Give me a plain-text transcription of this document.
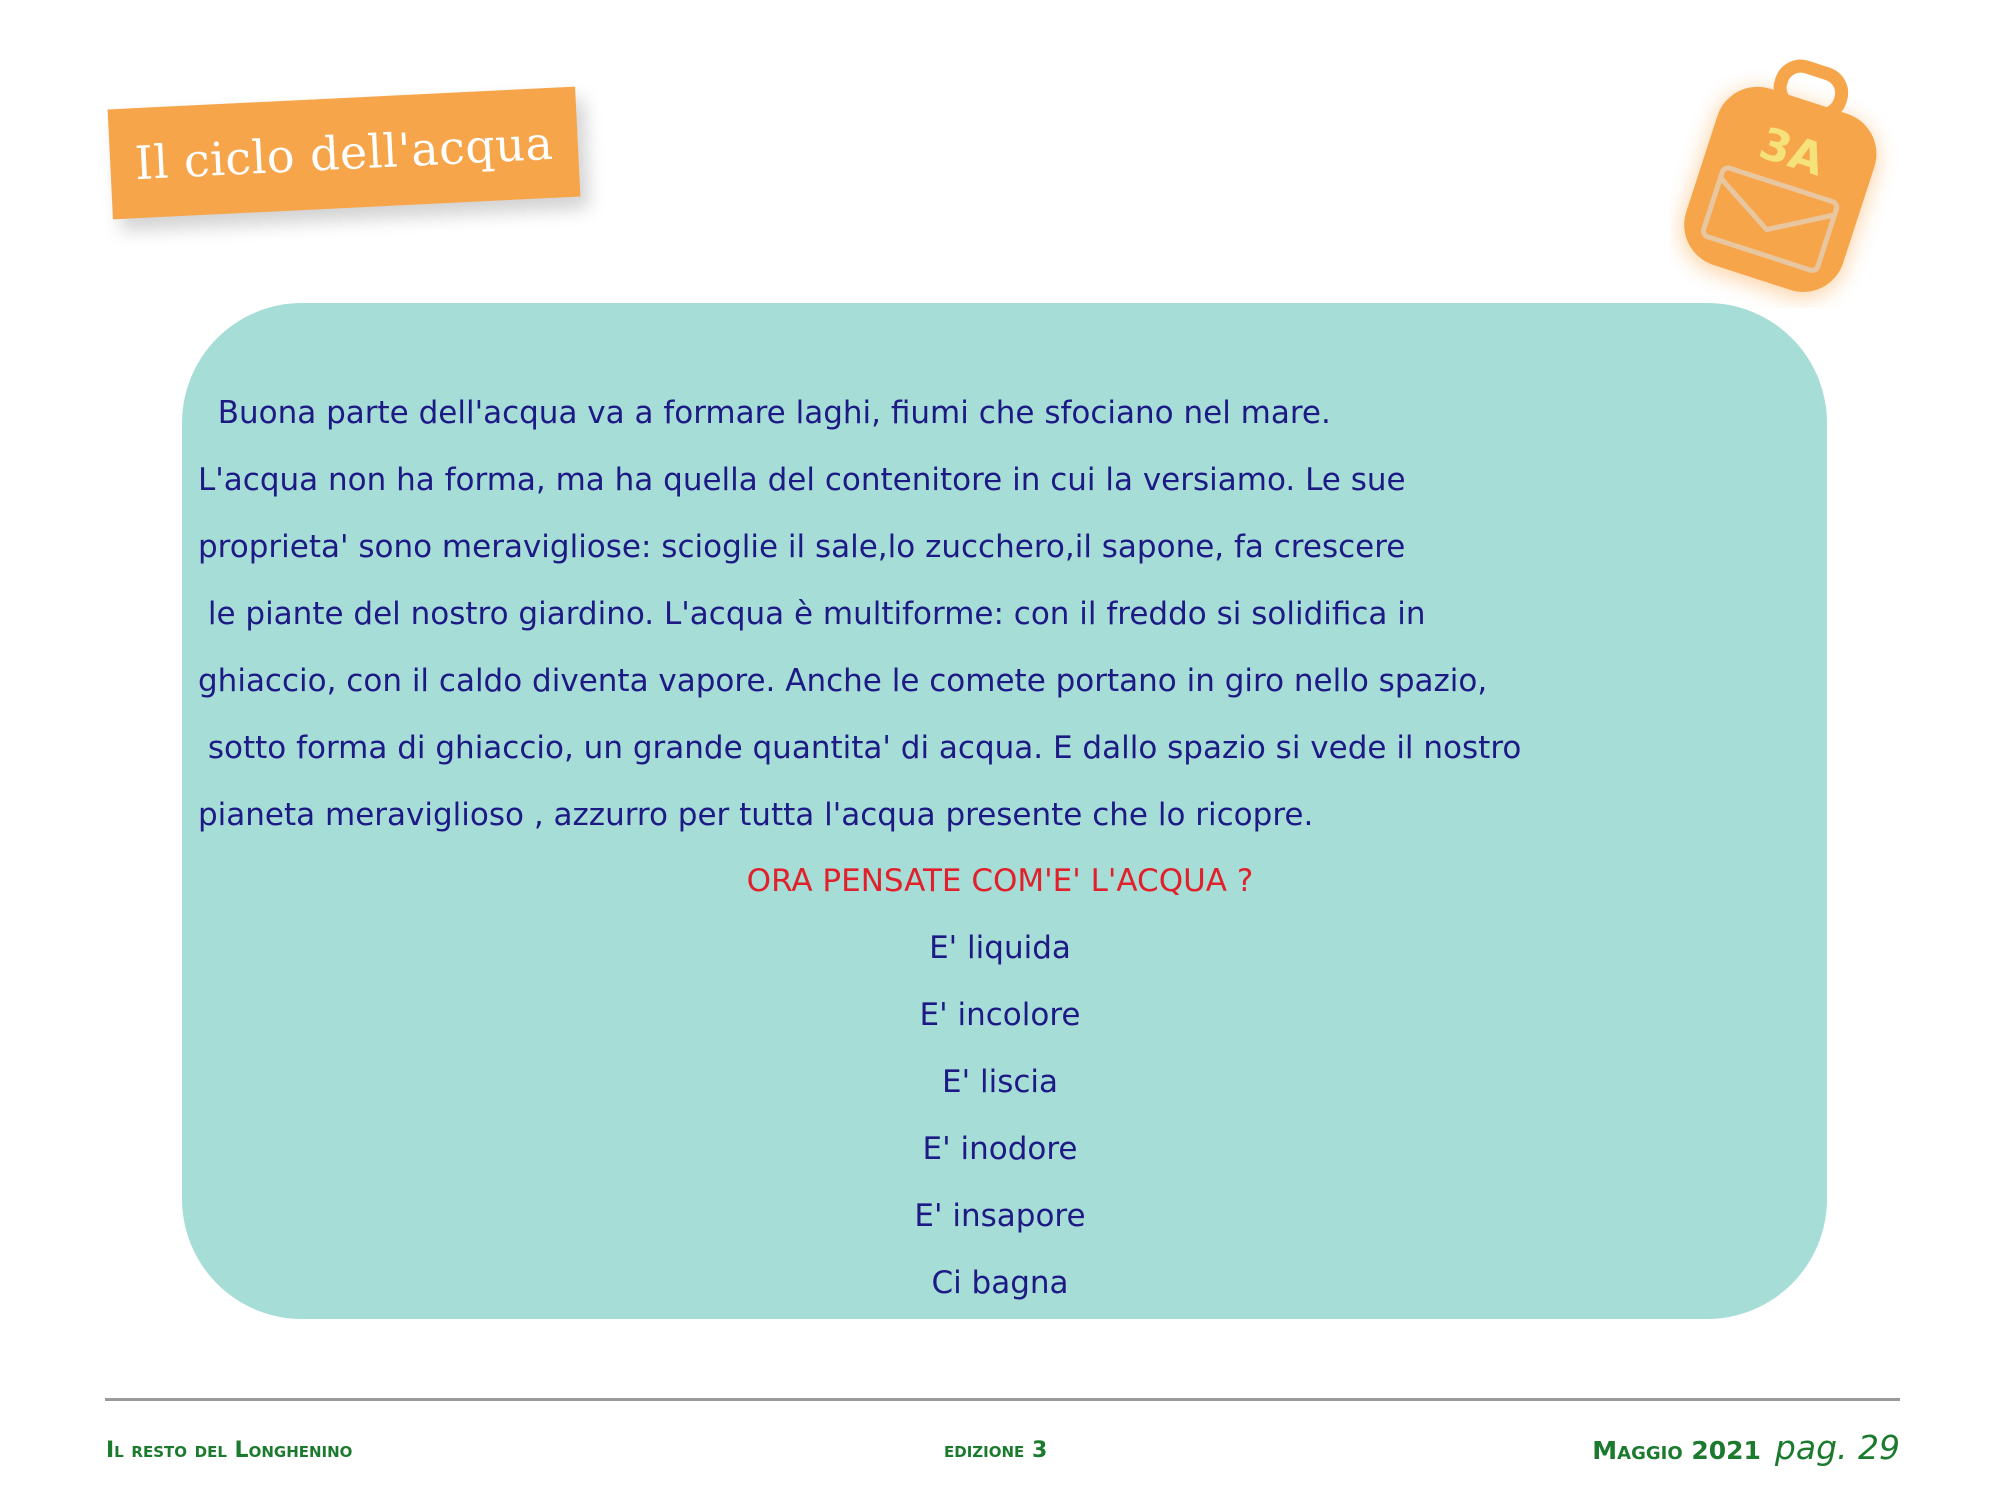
Il ciclo dell'acqua	3A
Buona parte dell'acqua va a formare laghi, fiumi che sfociano nel mare.
L'acqua non ha forma, ma ha quella del contenitore in cui la versiamo. Le sue
proprieta' sono meravigliose: scioglie il sale,lo zucchero,il sapone, fa crescere
le piante del nostro giardino. L'acqua è multiforme: con il freddo si solidifica in
ghiaccio, con il caldo diventa vapore. Anche le comete portano in giro nello spazio,
sotto forma di ghiaccio, un grande quantita' di acqua. E dallo spazio si vede il nostro
pianeta meraviglioso , azzurro per tutta l'acqua presente che lo ricopre.
ORA PENSATE COM'E' L'ACQUA ?
E' liquida
E' incolore
E' liscia
E' inodore
E' insapore
Ci bagna
Il resto del Longhenino	edizione 3	Maggio 2021 pag. 29
